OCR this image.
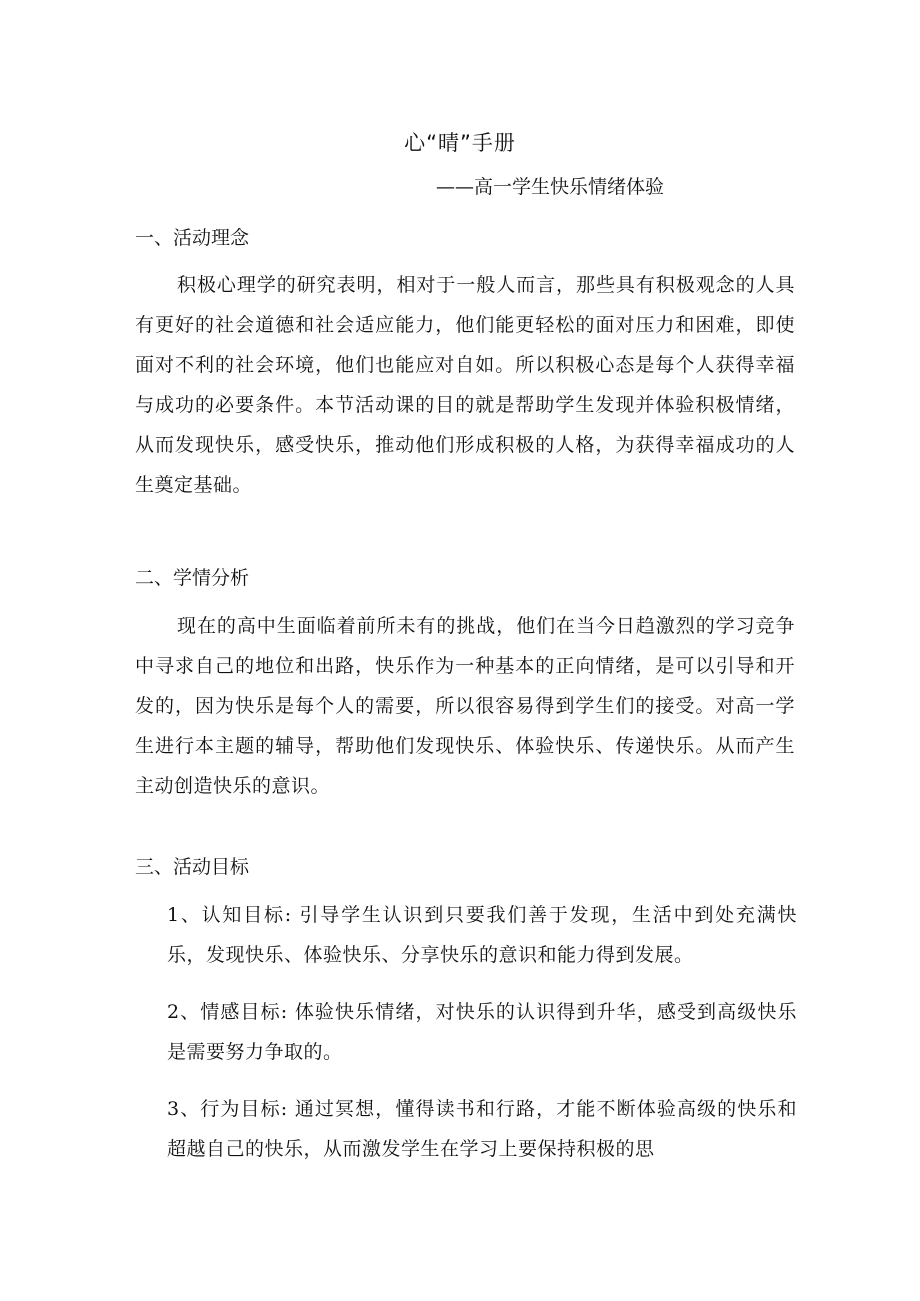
心“晴”手册
——高一学生快乐情绪体验
一、活动理念
积极心理学的研究表明，相对于一般人而言，那些具有积极观念的人具有更好的社会道德和社会适应能力，他们能更轻松的面对压力和困难，即使面对不利的社会环境，他们也能应对自如。所以积极心态是每个人获得幸福与成功的必要条件。本节活动课的目的就是帮助学生发现并体验积极情绪，从而发现快乐，感受快乐，推动他们形成积极的人格，为获得幸福成功的人生奠定基础。
二、学情分析
现在的高中生面临着前所未有的挑战，他们在当今日趋激烈的学习竞争中寻求自己的地位和出路，快乐作为一种基本的正向情绪，是可以引导和开发的，因为快乐是每个人的需要，所以很容易得到学生们的接受。对高一学生进行本主题的辅导，帮助他们发现快乐、体验快乐、传递快乐。从而产生主动创造快乐的意识。
三、活动目标
1、认知目标: 引导学生认识到只要我们善于发现，生活中到处充满快乐，发现快乐、体验快乐、分享快乐的意识和能力得到发展。
2、情感目标: 体验快乐情绪，对快乐的认识得到升华，感受到高级快乐是需要努力争取的。
3、行为目标: 通过冥想，懂得读书和行路，才能不断体验高级的快乐和超越自己的快乐，从而激发学生在学习上要保持积极的思
